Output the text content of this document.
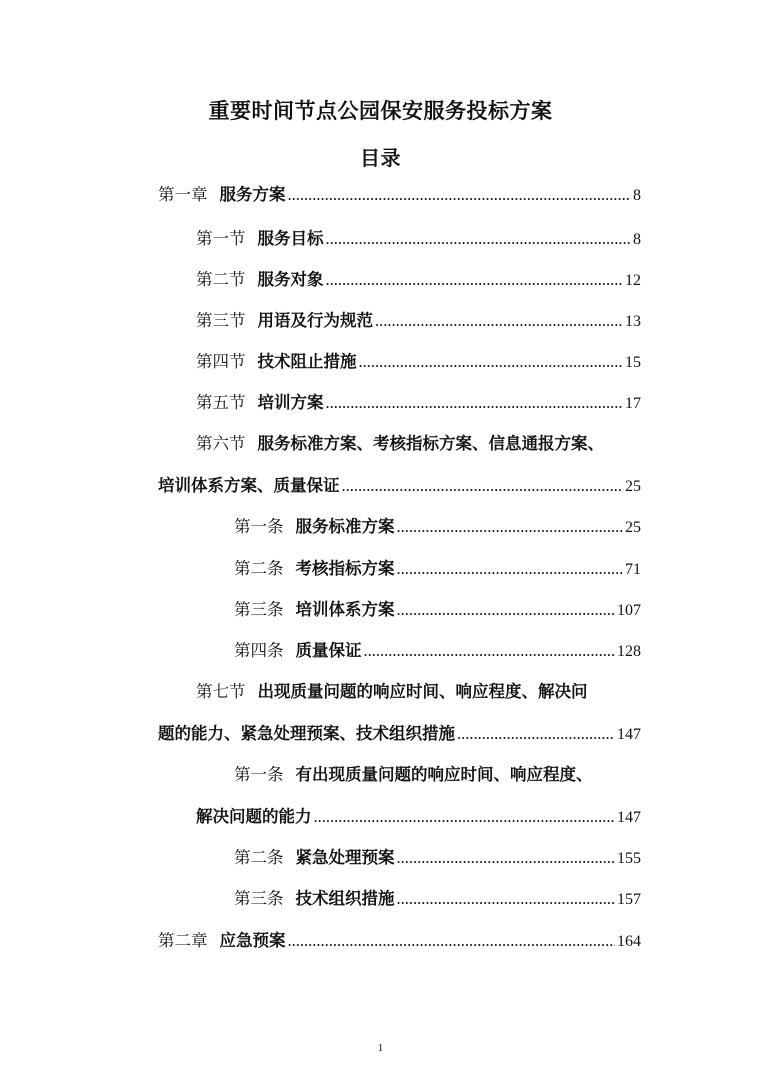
重要时间节点公园保安服务投标方案
目录
第一章 服务方案 .....	8
第一节 服务目标 .....	8
第二节 服务对象 .....	12
第三节 用语及行为规范 .....	13
第四节 技术阻止措施 .....	15
第五节 培训方案 .....	17
第六节 服务标准方案、考核指标方案、信息通报方案、
培训体系方案、质量保证 .....	25
第一条 服务标准方案 .....	25
第二条 考核指标方案 .....	71
第三条 培训体系方案 .....	107
第四条 质量保证 .....	128
第七节 出现质量问题的响应时间、响应程度、解决问
题的能力、紧急处理预案、技术组织措施 .....	147
第一条 有出现质量问题的响应时间、响应程度、
解决问题的能力 .....	147
第二条 紧急处理预案 .....	155
第三条 技术组织措施 .....	157
第二章 应急预案 .....	164
1
